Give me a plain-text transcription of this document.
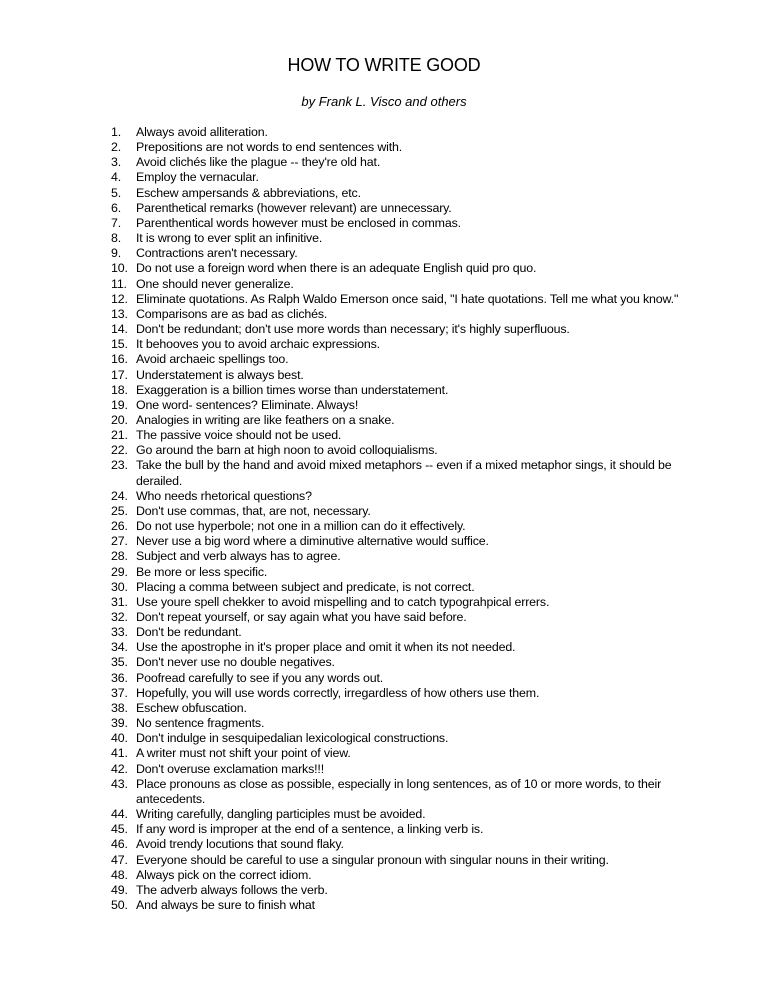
HOW TO WRITE GOOD
by Frank L. Visco and others
1. Always avoid alliteration.
2. Prepositions are not words to end sentences with.
3. Avoid clichés like the plague -- they're old hat.
4. Employ the vernacular.
5. Eschew ampersands & abbreviations, etc.
6. Parenthetical remarks (however relevant) are unnecessary.
7. Parenthentical words however must be enclosed in commas.
8. It is wrong to ever split an infinitive.
9. Contractions aren't necessary.
10. Do not use a foreign word when there is an adequate English quid pro quo.
11. One should never generalize.
12. Eliminate quotations. As Ralph Waldo Emerson once said, "I hate quotations. Tell me what you know."
13. Comparisons are as bad as clichés.
14. Don't be redundant; don't use more words than necessary; it's highly superfluous.
15. It behooves you to avoid archaic expressions.
16. Avoid archaeic spellings too.
17. Understatement is always best.
18. Exaggeration is a billion times worse than understatement.
19. One word- sentences? Eliminate. Always!
20. Analogies in writing are like feathers on a snake.
21. The passive voice should not be used.
22. Go around the barn at high noon to avoid colloquialisms.
23. Take the bull by the hand and avoid mixed metaphors -- even if a mixed metaphor sings, it should be derailed.
24. Who needs rhetorical questions?
25. Don't use commas, that, are not, necessary.
26. Do not use hyperbole; not one in a million can do it effectively.
27. Never use a big word where a diminutive alternative would suffice.
28. Subject and verb always has to agree.
29. Be more or less specific.
30. Placing a comma between subject and predicate, is not correct.
31. Use youre spell chekker to avoid mispelling and to catch typograhpical errers.
32. Don't repeat yourself, or say again what you have said before.
33. Don't be redundant.
34. Use the apostrophe in it's proper place and omit it when its not needed.
35. Don't never use no double negatives.
36. Poofread carefully to see if you any words out.
37. Hopefully, you will use words correctly, irregardless of how others use them.
38. Eschew obfuscation.
39. No sentence fragments.
40. Don't indulge in sesquipedalian lexicological constructions.
41. A writer must not shift your point of view.
42. Don't overuse exclamation marks!!!
43. Place pronouns as close as possible, especially in long sentences, as of 10 or more words, to their antecedents.
44. Writing carefully, dangling participles must be avoided.
45. If any word is improper at the end of a sentence, a linking verb is.
46. Avoid trendy locutions that sound flaky.
47. Everyone should be careful to use a singular pronoun with singular nouns in their writing.
48. Always pick on the correct idiom.
49. The adverb always follows the verb.
50. And always be sure to finish what
